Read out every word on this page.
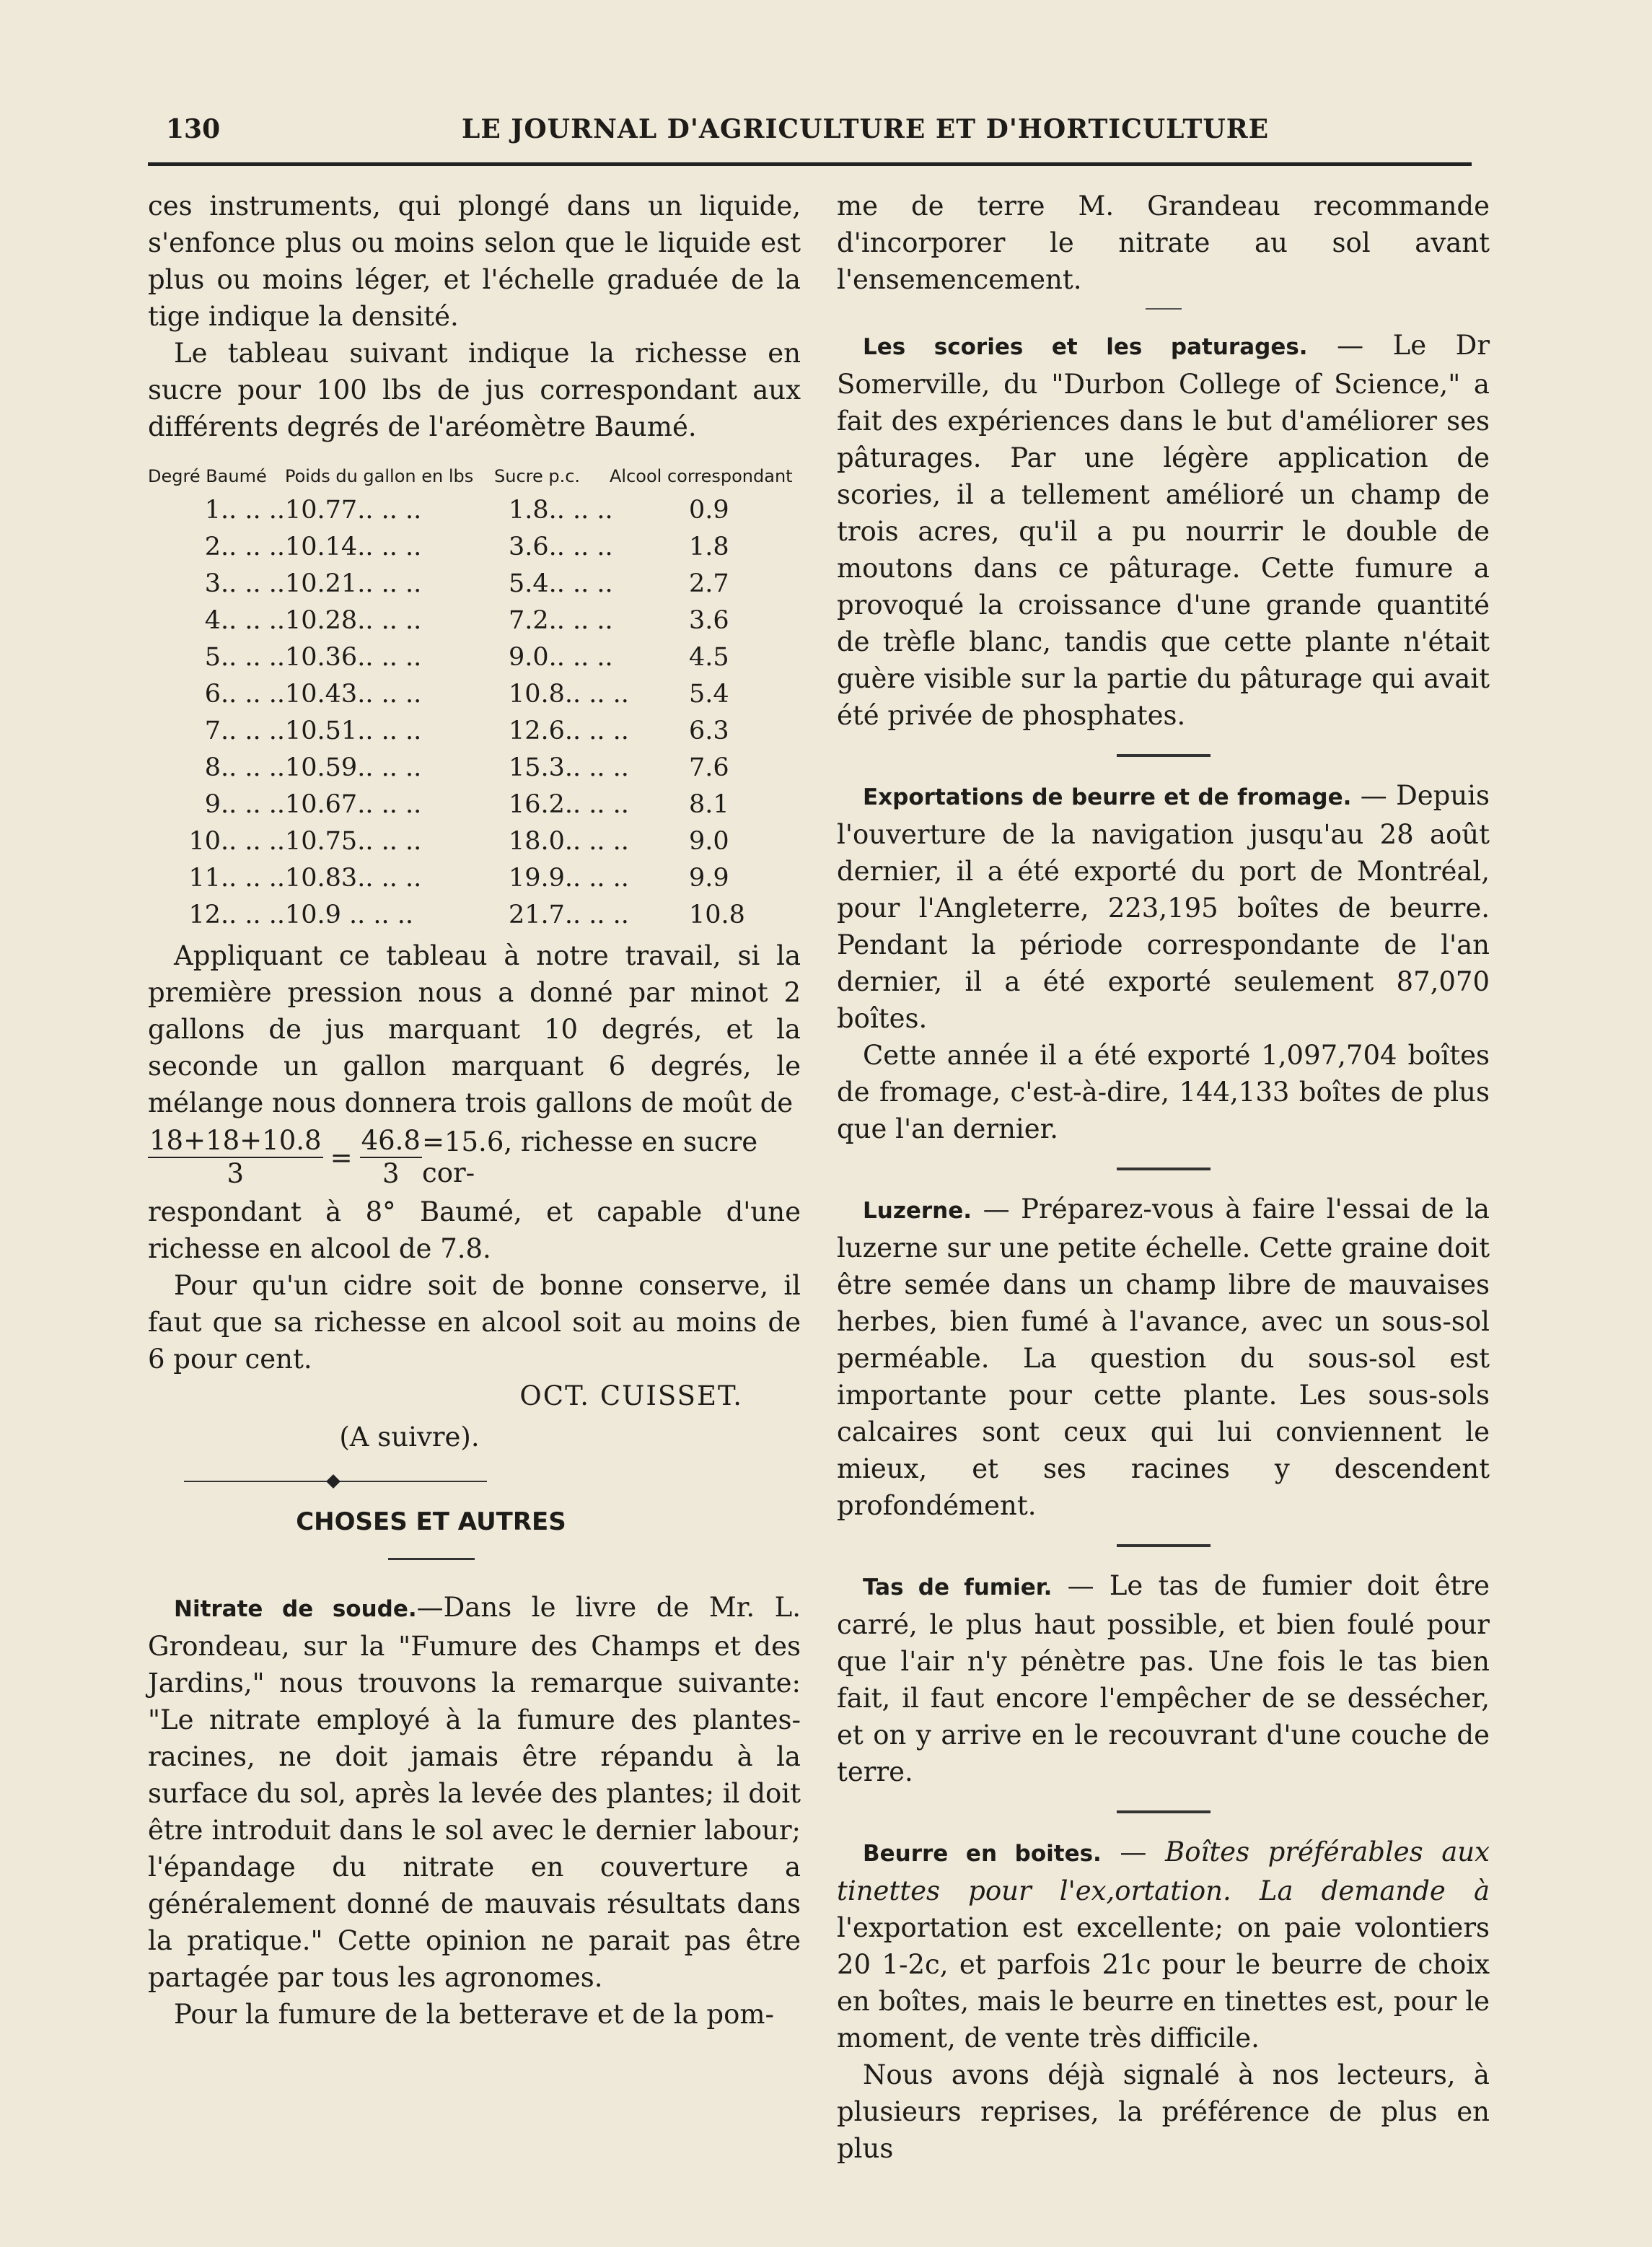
130	LE JOURNAL D'AGRICULTURE ET D'HORTICULTURE

ces instruments, qui plongé dans un liquide, s'enfonce plus ou moins selon que le liquide est plus ou moins léger, et l'échelle graduée de la tige indique la densité.

Le tableau suivant indique la richesse en sucre pour 100 lbs de jus correspondant aux différents degrés de l'aréomètre Baumé.

Degré Baumé	Poids du gallon en lbs	Sucre p.c.	Alcool correspondant
1.. .. .. 10.77.. .. ..	1.8.. .. ..	0.9
2.. .. .. 10.14.. .. ..	3.6.. .. ..	1.8
3.. .. .. 10.21.. .. ..	5.4.. .. ..	2.7
4.. .. .. 10.28.. .. ..	7.2.. .. ..	3.6
5.. .. .. 10.36.. .. ..	9.0.. .. ..	4.5
6.. .. .. 10.43.. .. ..	10.8.. .. ..	5.4
7.. .. .. 10.51.. .. ..	12.6.. .. ..	6.3
8.. .. .. 10.59.. .. ..	15.3.. .. ..	7.6
9.. .. .. 10.67.. .. ..	16.2.. .. ..	8.1
10.. .. .. 10.75.. .. ..	18.0.. .. ..	9.0
11.. .. .. 10.83.. .. ..	19.9.. .. ..	9.9
12.. .. .. 10.9 .. .. ..	21.7.. .. ..	10.8

Appliquant ce tableau à notre travail, si la première pression nous a donné par minot 2 gallons de jus marquant 10 degrés, et la seconde un gallon marquant 6 degrés, le mélange nous donnera trois gallons de moût de

$\frac{18+18+10.8}{3} = \frac{46.8}{3} =15.6$, richesse en sucre cor-

respondant à 8° Baumé, et capable d'une richesse en alcool de 7.8.

Pour qu'un cidre soit de bonne conserve, il faut que sa richesse en alcool soit au moins de 6 pour cent.

OCT. CUISSET.
(A suivre).
CHOSES ET AUTRES

Nitrate de soude.—Dans le livre de Mr. L. Grondeau, sur la "Fumure des Champs et des Jardins," nous trouvons la remarque suivante: "Le nitrate employé à la fumure des plantes-racines, ne doit jamais être répandu à la surface du sol, après la levée des plantes; il doit être introduit dans le sol avec le dernier labour; l'épandage du nitrate en couverture a généralement donné de mauvais résultats dans la pratique." Cette opinion ne parait pas être partagée par tous les agronomes.

Pour la fumure de la betterave et de la pom-

me de terre M. Grandeau recommande d'incorporer le nitrate au sol avant l'ensemencement.

Les scories et les paturages. — Le Dr Somerville, du "Durbon College of Science," a fait des expériences dans le but d'améliorer ses pâturages. Par une légère application de scories, il a tellement amélioré un champ de trois acres, qu'il a pu nourrir le double de moutons dans ce pâturage. Cette fumure a provoqué la croissance d'une grande quantité de trèfle blanc, tandis que cette plante n'était guère visible sur la partie du pâturage qui avait été privée de phosphates.

Exportations de beurre et de fromage. — Depuis l'ouverture de la navigation jusqu'au 28 août dernier, il a été exporté du port de Montréal, pour l'Angleterre, 223,195 boîtes de beurre. Pendant la période correspondante de l'an dernier, il a été exporté seulement 87,070 boîtes.

Cette année il a été exporté 1,097,704 boîtes de fromage, c'est-à-dire, 144,133 boîtes de plus que l'an dernier.

Luzerne. — Préparez-vous à faire l'essai de la luzerne sur une petite échelle. Cette graine doit être semée dans un champ libre de mauvaises herbes, bien fumé à l'avance, avec un sous-sol perméable. La question du sous-sol est importante pour cette plante. Les sous-sols calcaires sont ceux qui lui conviennent le mieux, et ses racines y descendent profondément.

Tas de fumier. — Le tas de fumier doit être carré, le plus haut possible, et bien foulé pour que l'air n'y pénètre pas. Une fois le tas bien fait, il faut encore l'empêcher de se dessécher, et on y arrive en le recouvrant d'une couche de terre.

Beurre en boites. — Boîtes préférables aux tinettes pour l'ex,ortation. La demande à l'exportation est excellente; on paie volontiers 20 1-2c, et parfois 21c pour le beurre de choix en boîtes, mais le beurre en tinettes est, pour le moment, de vente très difficile.

Nous avons déjà signalé à nos lecteurs, à plusieurs reprises, la préférence de plus en plus
